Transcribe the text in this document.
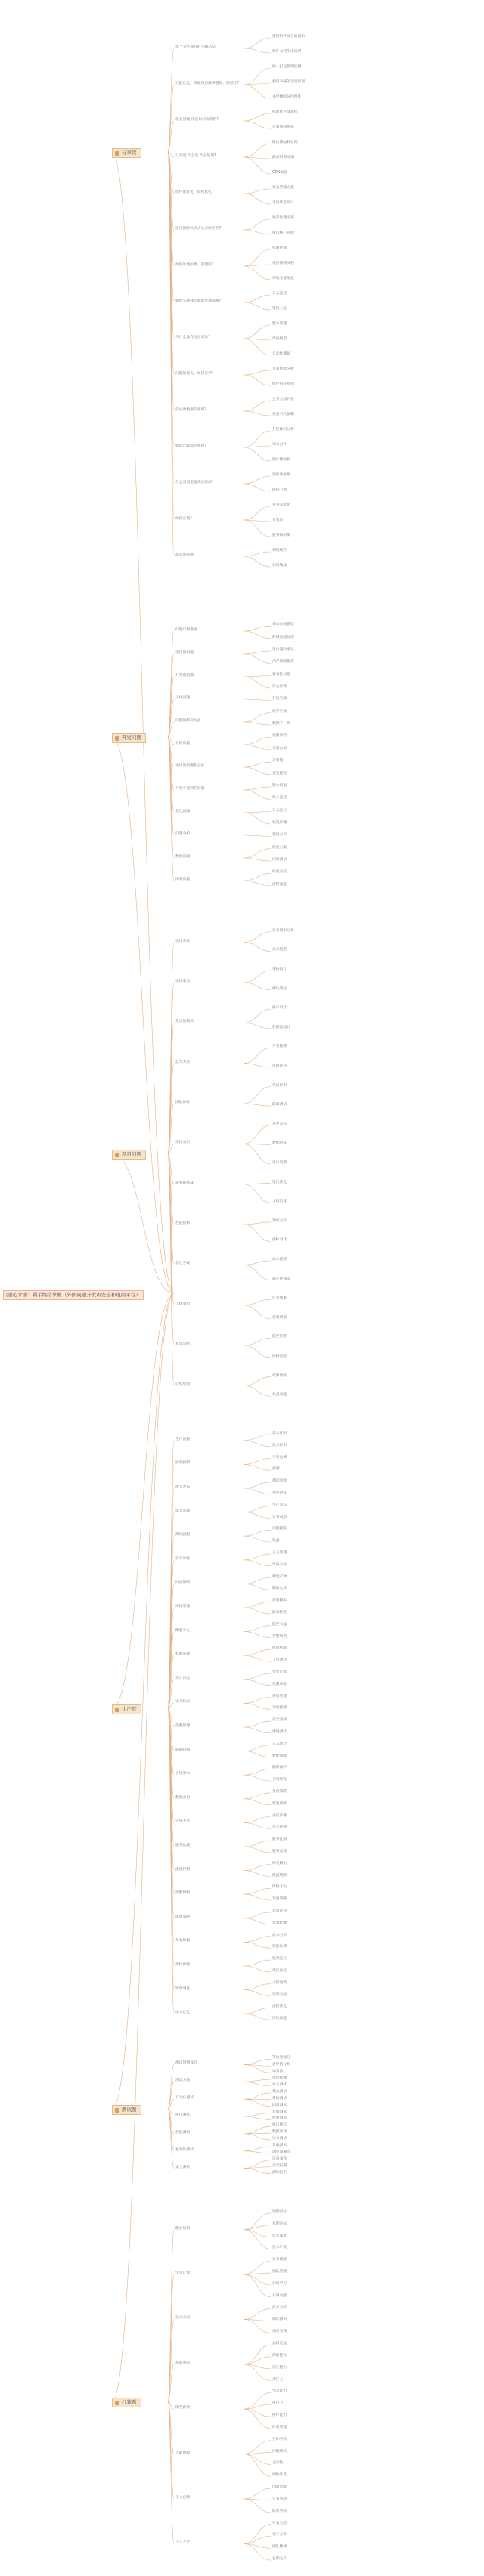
面试/求职：利手终结求职（外国问题开发和安全和电商平台）
分享管
开发问题
项目问题
生产管
测试题
打算题
单个分享项目的上线总结
性能优化，从做项目做得越好，的话计?
状态管理 你是如何实现的?
只知道 什么是 什么使用?
组件的优化，结构优化?
进行的时候出去从业组件的?
如何处理如果，管理的?
如何实现移动端的处理部署?
为什么没有写出对象?
问题的优化，如何写到?
前后端数据的处理?
如何比较最近处理?
什么是浏览器优化时的?
如何实现?
最后的问题
搭建组件项目的需求
组件文档生成说明
统一打包管理依赖
使用表格的全局配置
多层级的分层组件
标准化开发流程
首屏加载优化
路由懒加载处理
静态资源压缩
CDN加速
状态管理方案
全局状态设计
缓存处理方案
接口统一管理
权限控制
项目部署流程
环境变量配置
日志监控
错误上报
版本管理
代码规范
自动化测试
页面性能分析
组件拆分原则
公共方法封装
按需引入依赖
打包体积分析
请求合并
图片懒加载
预加载处理
防抖节流
长列表优化
骨架屏
服务端渲染
构建缓存
持续集成
问题详细描述
项目的问题
开发的问题
上线问题
问题的解决方法
分析问题
项目的问题和总结
开发中遇到的问题
优化问题
问题分析
数据问题
部署问题
请求参数错误
跨域问题处理
接口超时重试
内存泄漏排查
兼容性问题
样式冲突
打包失败
缓存失效
数据不一致
权限异常
页面白屏
首屏慢
重复提交
版本回退
线上监控
日志定位
复现步骤
根因分析
修复方案
回归测试
经验总结
流程改进
项目背景
项目难点
负责的模块
技术方案
团队协作
项目成果
遇到的挑战
性能指标
优化手段
上线效果
复盘总结
后续规划
业务需求分析
技术选型
架构设计
模块划分
接口设计
数据流设计
开发排期
风险评估
代码评审
联调测试
灰度发布
数据验证
用户反馈
迭代优化
文档沉淀
知识分享
指标对比
成本控制
稳定性保障
应急预案
容量规划
监控告警
链路追踪
故障演练
复盘改进
生产流程
质量控制
版本发布
需求管理
测试流程
发布审批
回滚策略
环境管理
配置中心
权限管理
审计日志
安全检查
依赖管理
漏洞扫描
合规要求
数据备份
灾备方案
服务治理
流量控制
熔断降级
限流策略
负载均衡
弹性伸缩
资源调度
成本优化
需求评审
技术评审
开发自测
提测
测试验收
预发验证
生产发布
发布观察
问题跟踪
复盘
分支管理
代码合并
构建产物
制品仓库
部署脚本
健康检查
监控大盘
告警规则
值班机制
工单流转
变更记录
权限审批
密钥管理
访问控制
安全基线
渗透测试
日志审计
数据脱敏
隐私保护
合规审查
备份策略
恢复演练
多活部署
容灾切换
服务注册
服务发现
网关路由
限流熔断
降级开关
灰度策略
容量评估
资源配额
成本分析
性能压测
瓶颈定位
优化验证
文档更新
培训交接
流程优化
持续改进
测试用例设计
测试方法
自动化测试
接口测试
性能测试
兼容性测试
安全测试
等价类划分
边界值分析
场景法
错误推测
单元测试
集成测试
系统测试
回归测试
冒烟测试
验收测试
接口断言
数据驱动
压力测试
负载测试
浏览器兼容
设备兼容
安全扫描
测试报告
职业规划
学习计划
技术方向
离职原因
期望薪资
入职时间
个人优势
个人不足
短期目标
长期目标
技术深度
技术广度
业务理解
团队管理
持续学习
开源贡献
技术分享
阅读源码
项目实践
总结复盘
沟通能力
抗压能力
责任心
学习能力
执行力
协作能力
时间管理
目标导向
问题解决
主动性
细致认真
创新思维
自我驱动
结果导向
开放心态
乐于分享
团队精神
长期主义
